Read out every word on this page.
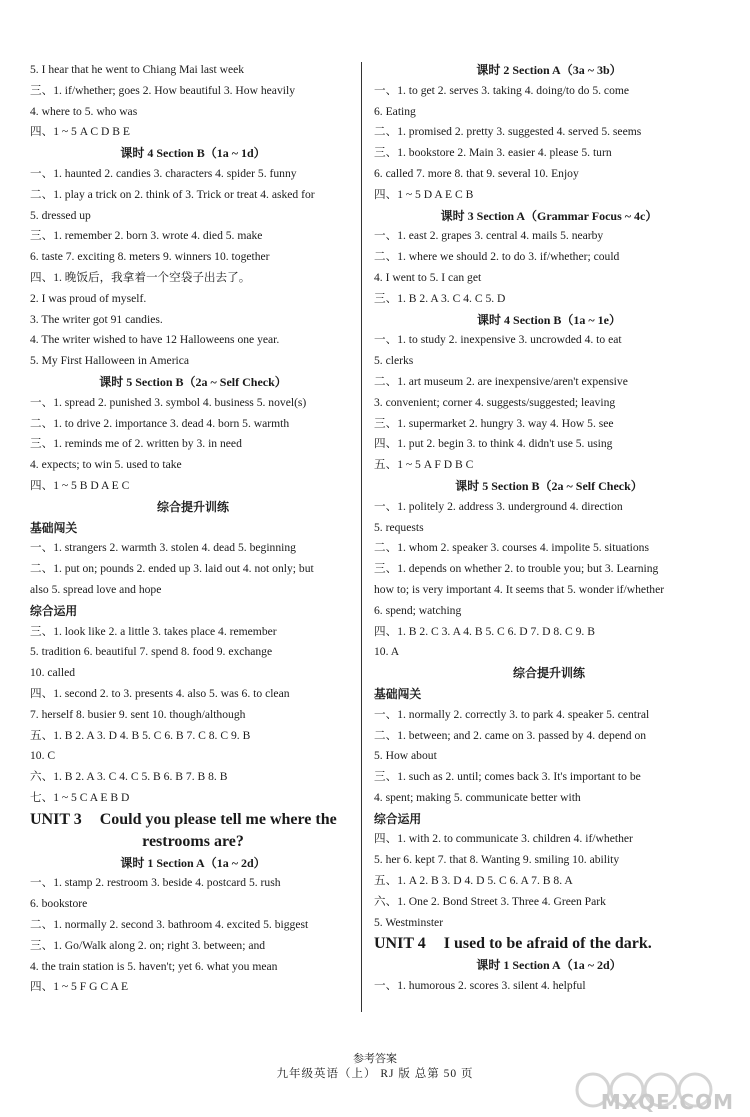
5. I hear that he went to Chiang Mai last week
三、1. if/whether; goes 2. How beautiful 3. How heavily
4. where to 5. who was
四、1 ~ 5 A C D B E
课时 4 Section B（1a ~ 1d）
一、1. haunted 2. candies 3. characters 4. spider 5. funny
二、1. play a trick on 2. think of 3. Trick or treat 4. asked for
5. dressed up
三、1. remember 2. born 3. wrote 4. died 5. make
6. taste 7. exciting 8. meters 9. winners 10. together
四、1. 晚饭后，我拿着一个空袋子出去了。
2. I was proud of myself.
3. The writer got 91 candies.
4. The writer wished to have 12 Halloweens one year.
5. My First Halloween in America
课时 5 Section B（2a ~ Self Check）
一、1. spread 2. punished 3. symbol 4. business 5. novel(s)
二、1. to drive 2. importance 3. dead 4. born 5. warmth
三、1. reminds me of 2. written by 3. in need
4. expects; to win 5. used to take
四、1 ~ 5 B D A E C
综合提升训练
基础闯关
一、1. strangers 2. warmth 3. stolen 4. dead 5. beginning
二、1. put on; pounds 2. ended up 3. laid out 4. not only; but
also 5. spread love and hope
综合运用
三、1. look like 2. a little 3. takes place 4. remember
5. tradition 6. beautiful 7. spend 8. food 9. exchange
10. called
四、1. second 2. to 3. presents 4. also 5. was 6. to clean
7. herself 8. busier 9. sent 10. though/although
五、1. B 2. A 3. D 4. B 5. C 6. B 7. C 8. C 9. B
10. C
六、1. B 2. A 3. C 4. C 5. B 6. B 7. B 8. B
七、1 ~ 5 C A E B D
UNIT 3 Could you please tell me where the
restrooms are?
课时 1 Section A（1a ~ 2d）
一、1. stamp 2. restroom 3. beside 4. postcard 5. rush
6. bookstore
二、1. normally 2. second 3. bathroom 4. excited 5. biggest
三、1. Go/Walk along 2. on; right 3. between; and
4. the train station is 5. haven't; yet 6. what you mean
四、1 ~ 5 F G C A E
课时 2 Section A（3a ~ 3b）
一、1. to get 2. serves 3. taking 4. doing/to do 5. come
6. Eating
二、1. promised 2. pretty 3. suggested 4. served 5. seems
三、1. bookstore 2. Main 3. easier 4. please 5. turn
6. called 7. more 8. that 9. several 10. Enjoy
四、1 ~ 5 D A E C B
课时 3 Section A（Grammar Focus ~ 4c）
一、1. east 2. grapes 3. central 4. mails 5. nearby
二、1. where we should 2. to do 3. if/whether; could
4. I went to 5. I can get
三、1. B 2. A 3. C 4. C 5. D
课时 4 Section B（1a ~ 1e）
一、1. to study 2. inexpensive 3. uncrowded 4. to eat
5. clerks
二、1. art museum 2. are inexpensive/aren't expensive
3. convenient; corner 4. suggests/suggested; leaving
三、1. supermarket 2. hungry 3. way 4. How 5. see
四、1. put 2. begin 3. to think 4. didn't use 5. using
五、1 ~ 5 A F D B C
课时 5 Section B（2a ~ Self Check）
一、1. politely 2. address 3. underground 4. direction
5. requests
二、1. whom 2. speaker 3. courses 4. impolite 5. situations
三、1. depends on whether 2. to trouble you; but 3. Learning
how to; is very important 4. It seems that 5. wonder if/whether
6. spend; watching
四、1. B 2. C 3. A 4. B 5. C 6. D 7. D 8. C 9. B
10. A
综合提升训练
基础闯关
一、1. normally 2. correctly 3. to park 4. speaker 5. central
二、1. between; and 2. came on 3. passed by 4. depend on
5. How about
三、1. such as 2. until; comes back 3. It's important to be
4. spent; making 5. communicate better with
综合运用
四、1. with 2. to communicate 3. children 4. if/whether
5. her 6. kept 7. that 8. Wanting 9. smiling 10. ability
五、1. A 2. B 3. D 4. D 5. C 6. A 7. B 8. A
六、1. One 2. Bond Street 3. Three 4. Green Park
5. Westminster
UNIT 4 I used to be afraid of the dark.
课时 1 Section A（1a ~ 2d）
一、1. humorous 2. scores 3. silent 4. helpful
参考答案
九年级英语（上） RJ 版 总第 50 页
MXQE.COM
